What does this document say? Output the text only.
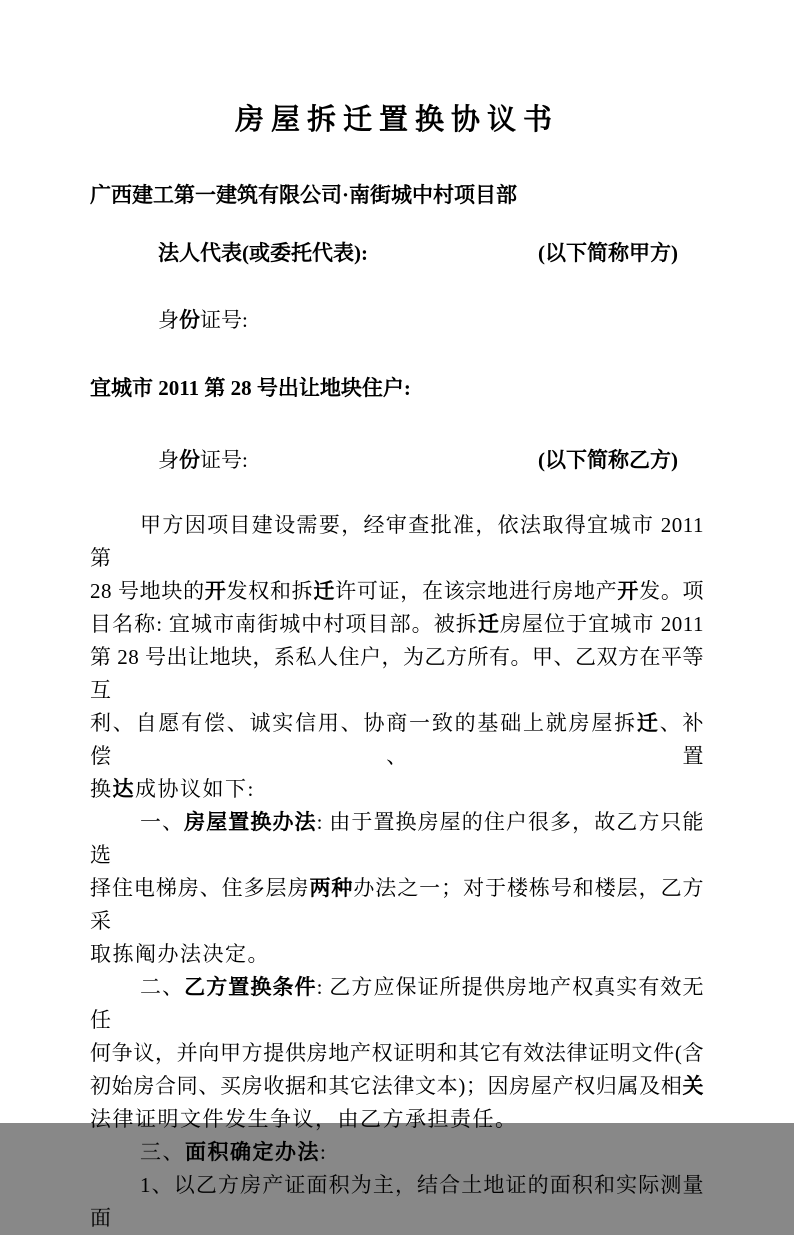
房屋拆迁置换协议书
广西建工第一建筑有限公司·南街城中村项目部
法人代表(或委托代表):	(以下简称甲方)
身份证号:
宜城市 2011 第 28 号出让地块住户:
身份证号:	(以下简称乙方)
甲方因项目建设需要，经审查批准，依法取得宜城市 2011 第
28 号地块的开发权和拆迁许可证，在该宗地进行房地产开发。项
目名称: 宜城市南街城中村项目部。被拆迁房屋位于宜城市 2011
第 28 号出让地块，系私人住户，为乙方所有。甲、乙双方在平等互
利、自愿有偿、诚实信用、协商一致的基础上就房屋拆迁、补偿、置
换达成协议如下:
一、房屋置换办法: 由于置换房屋的住户很多，故乙方只能选
择住电梯房、住多层房两种办法之一；对于楼栋号和楼层，乙方采
取拣阄办法决定。
二、乙方置换条件: 乙方应保证所提供房地产权真实有效无任
何争议，并向甲方提供房地产权证明和其它有效法律证明文件(含
初始房合同、买房收据和其它法律文本)；因房屋产权归属及相关
法律证明文件发生争议，由乙方承担责任。
三、面积确定办法:
1、以乙方房产证面积为主，结合土地证的面积和实际测量面
